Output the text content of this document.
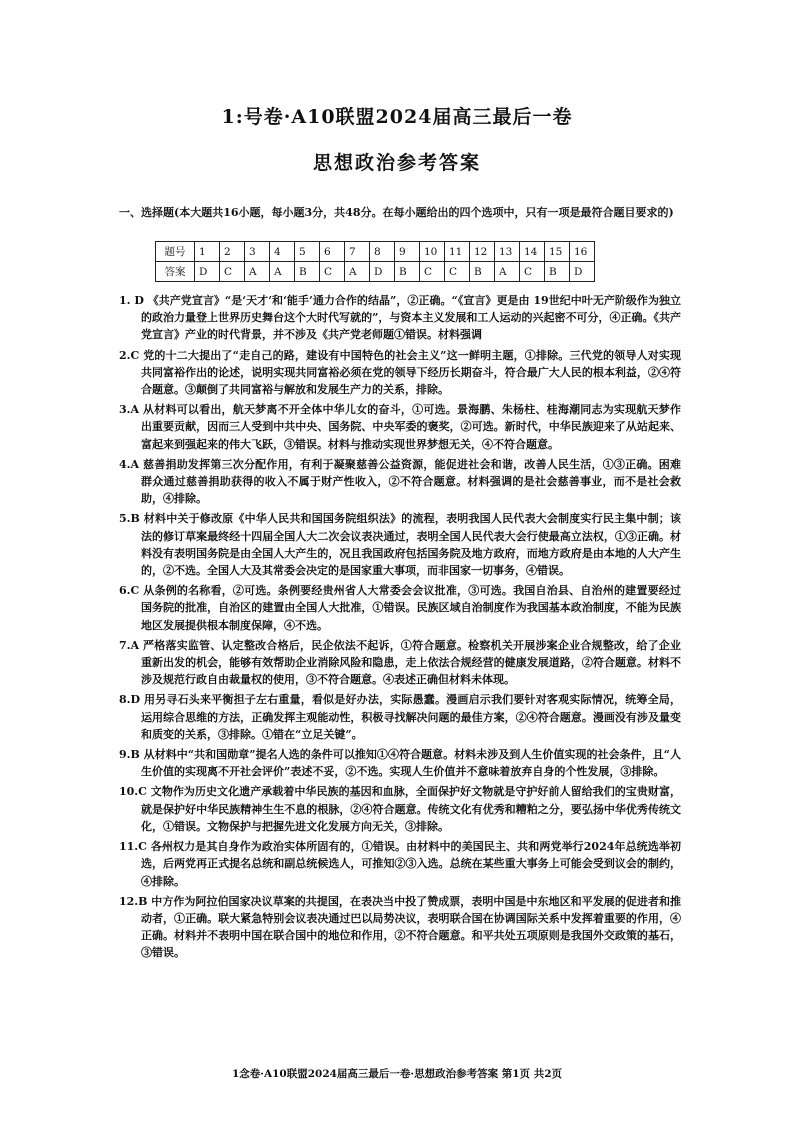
1:号卷·A10联盟2024届高三最后一卷
思想政治参考答案
一、选择题(本大题共16小题，每小题3分，共48分。在每小题给出的四个选项中，只有一项是最符合题目要求的)
题号	1	2	3	4	5	6	7	8	9	10	11	12	13	14	15	16
答案	D	C	A	A	B	C	A	D	B	C	C	B	A	C	B	D
1. D 《共产党宣言》“是‘天才’和‘能手’通力合作的结晶”，②正确。“《宣言》更是由 19世纪中叶无产阶级作为独立的政治力量登上世界历史舞台这个大时代写就的”，与资本主义发展和工人运动的兴起密不可分，④正确。《共产党宣言》产业的时代背景，并不涉及《共产党老师题①错误。材料强调
2.C 党的十二大提出了“走自己的路，建设有中国特色的社会主义”这一鲜明主题，①排除。三代党的领导人对实现共同富裕作出的论述，说明实现共同富裕必须在党的领导下经历长期奋斗，符合最广大人民的根本利益，②④符合题意。③颠倒了共同富裕与解放和发展生产力的关系，排除。
3.A 从材料可以看出，航天梦离不开全体中华儿女的奋斗，①可选。景海鹏、朱杨柱、桂海潮同志为实现航天梦作出重要贡献，因而三人受到中共中央、国务院、中央军委的褒奖，②可选。新时代，中华民族迎来了从站起来、富起来到强起来的伟大飞跃，③错误。材料与推动实现世界梦想无关，④不符合题意。
4.A 慈善捐助发挥第三次分配作用，有利于凝聚慈善公益资源，能促进社会和谐，改善人民生活，①③正确。困难群众通过慈善捐助获得的收入不属于财产性收入，②不符合题意。材料强调的是社会慈善事业，而不是社会救助，④排除。
5.B 材料中关于修改原《中华人民共和国国务院组织法》的流程，表明我国人民代表大会制度实行民主集中制；该法的修订草案最终经十四届全国人大二次会议表决通过，表明全国人民代表大会行使最高立法权，①③正确。材料没有表明国务院是由全国人大产生的，况且我国政府包括国务院及地方政府，而地方政府是由本地的人大产生的，②不选。全国人大及其常委会决定的是国家重大事项，而非国家一切事务，④错误。
6.C 从条例的名称看，②可选。条例要经贵州省人大常委会会议批准，③可选。我国自治县、自治州的建置要经过国务院的批准，自治区的建置由全国人大批准，①错误。民族区域自治制度作为我国基本政治制度，不能为民族地区发展提供根本制度保障，④不选。
7.A 严格落实监管、认定整改合格后，民企依法不起诉，①符合题意。检察机关开展涉案企业合规整改，给了企业重新出发的机会，能够有效帮助企业消除风险和隐患，走上依法合规经营的健康发展道路，②符合题意。材料不涉及规范行政自由裁量权的使用，③不符合题意。④表述正确但材料未体现。
8.D 用另寻石头来平衡担子左右重量，看似是好办法，实际愚蠢。漫画启示我们要针对客观实际情况，统筹全局，运用综合思维的方法，正确发挥主观能动性，积极寻找解决问题的最佳方案，②④符合题意。漫画没有涉及量变和质变的关系，③排除。①错在“立足关键”。
9.B 从材料中“共和国勋章”提名人选的条件可以推知①④符合题意。材料未涉及到人生价值实现的社会条件，且“人生价值的实现离不开社会评价”表述不妥，②不选。实现人生价值并不意味着放弃自身的个性发展，③排除。
10.C 文物作为历史文化遗产承载着中华民族的基因和血脉，全面保护好文物就是守护好前人留给我们的宝贵财富，就是保护好中华民族精神生生不息的根脉，②④符合题意。传统文化有优秀和糟粕之分，要弘扬中华优秀传统文化，①错误。文物保护与把握先进文化发展方向无关，③排除。
11.C 各州权力是其自身作为政治实体所固有的，①错误。由材料中的美国民主、共和两党举行2024年总统选举初选，后两党再正式提名总统和副总统候选人，可推知②③入选。总统在某些重大事务上可能会受到议会的制约，④排除。
12.B 中方作为阿拉伯国家决议草案的共提国，在表决当中投了赞成票，表明中国是中东地区和平发展的促进者和推动者，①正确。联大紧急特别会议表决通过巴以局势决议，表明联合国在协调国际关系中发挥着重要的作用，④正确。材料并不表明中国在联合国中的地位和作用，②不符合题意。和平共处五项原则是我国外交政策的基石，③错误。
1念卷·A10联盟2024届高三最后一卷·思想政治参考答案 第1页 共2页
